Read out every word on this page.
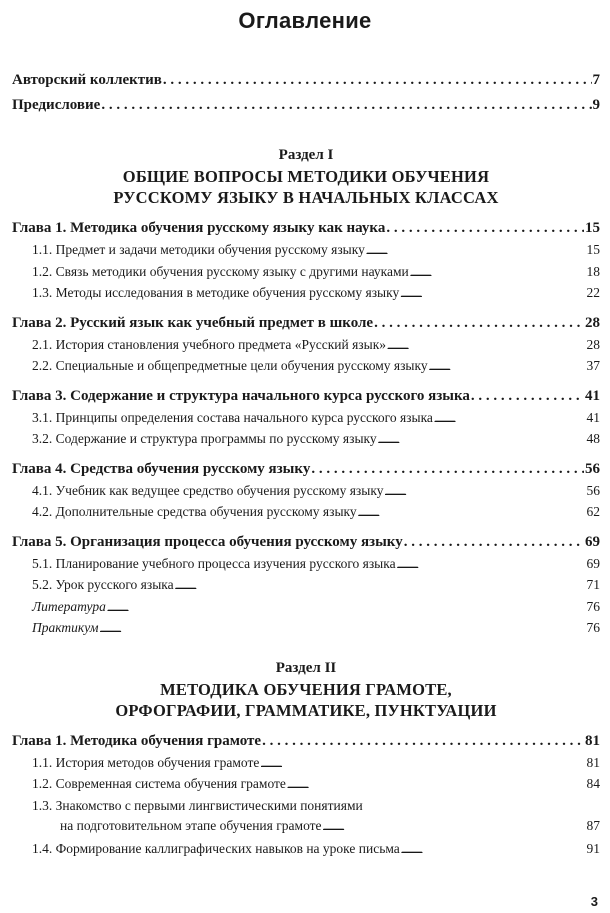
Оглавление
Авторский коллектив . . .	7
Предисловие . . .	9
Раздел I
ОБЩИЕ ВОПРОСЫ МЕТОДИКИ ОБУЧЕНИЯ
РУССКОМУ ЯЗЫКУ В НАЧАЛЬНЫХ КЛАССАХ
Глава 1. Методика обучения русскому языку как наука . . .	15
1.1. Предмет и задачи методики обучения русскому языку . . .	15
1.2. Связь методики обучения русскому языку с другими науками . . .	18
1.3. Методы исследования в методике обучения русскому языку . . .	22
Глава 2. Русский язык как учебный предмет в школе . . .	28
2.1. История становления учебного предмета «Русский язык» . . .	28
2.2. Специальные и общепредметные цели обучения русскому языку . . .	37
Глава 3. Содержание и структура начального курса русского языка . . .	41
3.1. Принципы определения состава начального курса русского языка . . .	41
3.2. Содержание и структура программы по русскому языку . . .	48
Глава 4. Средства обучения русскому языку . . .	56
4.1. Учебник как ведущее средство обучения русскому языку . . .	56
4.2. Дополнительные средства обучения русскому языку . . .	62
Глава 5. Организация процесса обучения русскому языку . . .	69
5.1. Планирование учебного процесса изучения русского языка . . .	69
5.2. Урок русского языка . . .	71
Литература . . .	76
Практикум . . .	76
Раздел II
МЕТОДИКА ОБУЧЕНИЯ ГРАМОТЕ,
ОРФОГРАФИИ, ГРАММАТИКЕ, ПУНКТУАЦИИ
Глава 1. Методика обучения грамоте . . .	81
1.1. История методов обучения грамоте . . .	81
1.2. Современная система обучения грамоте . . .	84
1.3. Знакомство с первыми лингвистическими понятиями
на подготовительном этапе обучения грамоте . . .	87
1.4. Формирование каллиграфических навыков на уроке письма . . .	91
3
